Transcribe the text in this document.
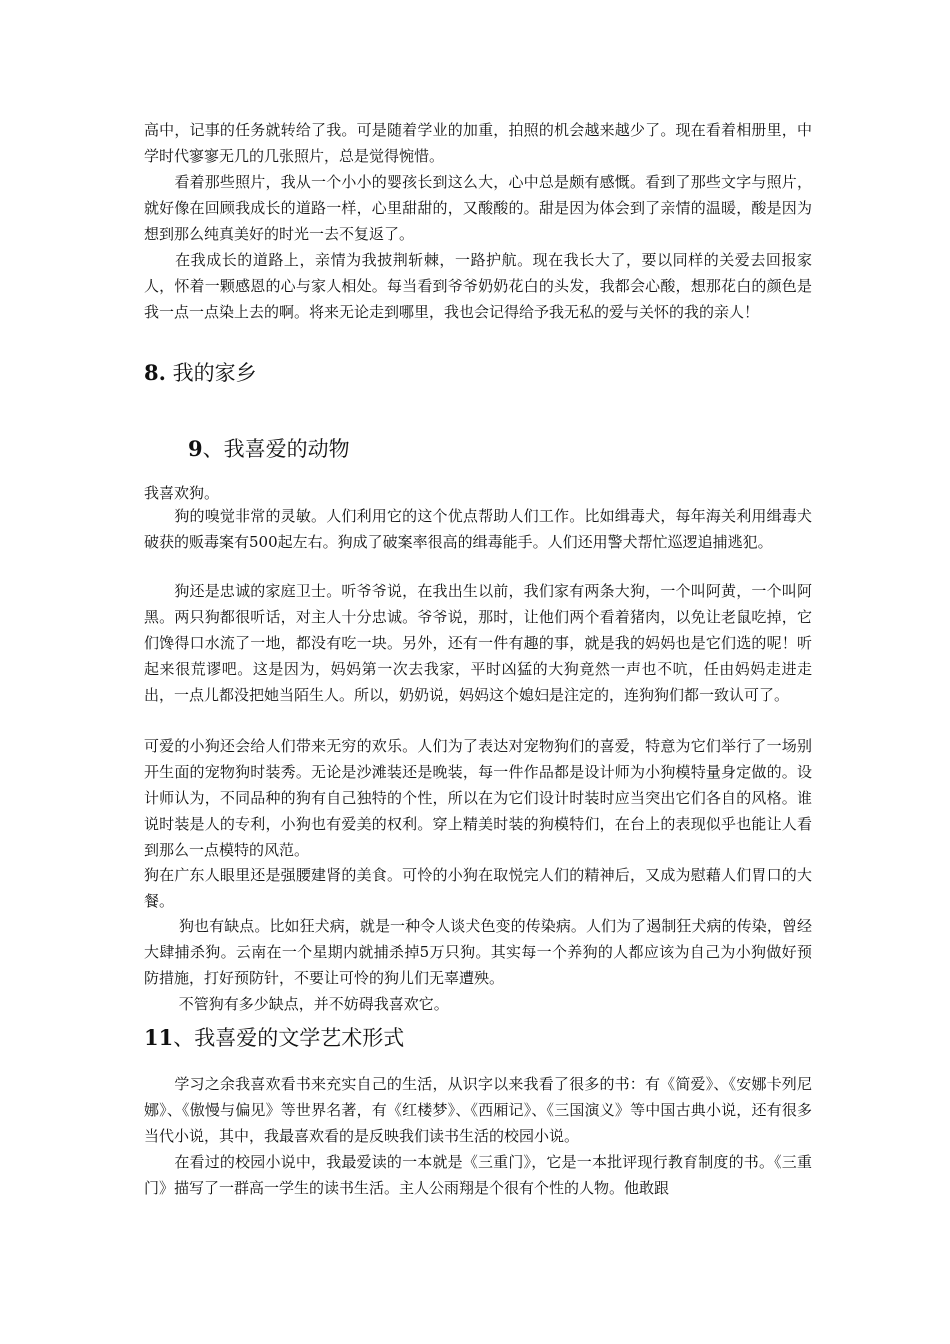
高中，记事的任务就转给了我。可是随着学业的加重，拍照的机会越来越少了。现在看着相册里，中学时代寥寥无几的几张照片，总是觉得惋惜。

　　看着那些照片，我从一个小小的婴孩长到这么大，心中总是颇有感慨。看到了那些文字与照片，就好像在回顾我成长的道路一样，心里甜甜的，又酸酸的。甜是因为体会到了亲情的温暖，酸是因为想到那么纯真美好的时光一去不复返了。

　　在我成长的道路上，亲情为我披荆斩棘，一路护航。现在我长大了，要以同样的关爱去回报家人，怀着一颗感恩的心与家人相处。每当看到爷爷奶奶花白的头发，我都会心酸，想那花白的颜色是我一点一点染上去的啊。将来无论走到哪里，我也会记得给予我无私的爱与关怀的我的亲人！

8. 我的家乡
9、我喜爱的动物

我喜欢狗。

　　狗的嗅觉非常的灵敏。人们利用它的这个优点帮助人们工作。比如缉毒犬，每年海关利用缉毒犬破获的贩毒案有500起左右。狗成了破案率很高的缉毒能手。人们还用警犬帮忙巡逻追捕逃犯。

　　狗还是忠诚的家庭卫士。听爷爷说，在我出生以前，我们家有两条大狗，一个叫阿黄，一个叫阿黑。两只狗都很听话，对主人十分忠诚。爷爷说，那时，让他们两个看着猪肉，以免让老鼠吃掉，它们馋得口水流了一地，都没有吃一块。另外，还有一件有趣的事，就是我的妈妈也是它们选的呢！听起来很荒谬吧。这是因为，妈妈第一次去我家，平时凶猛的大狗竟然一声也不吭，任由妈妈走进走出，一点儿都没把她当陌生人。所以，奶奶说，妈妈这个媳妇是注定的，连狗狗们都一致认可了。

可爱的小狗还会给人们带来无穷的欢乐。人们为了表达对宠物狗们的喜爱，特意为它们举行了一场别开生面的宠物狗时装秀。无论是沙滩装还是晚装，每一件作品都是设计师为小狗模特量身定做的。设计师认为，不同品种的狗有自己独特的个性，所以在为它们设计时装时应当突出它们各自的风格。谁说时装是人的专利，小狗也有爱美的权利。穿上精美时装的狗模特们，在台上的表现似乎也能让人看到那么一点模特的风范。

狗在广东人眼里还是强腰建肾的美食。可怜的小狗在取悦完人们的精神后，又成为慰藉人们胃口的大餐。

　　 狗也有缺点。比如狂犬病，就是一种令人谈犬色变的传染病。人们为了遏制狂犬病的传染，曾经大肆捕杀狗。云南在一个星期内就捕杀掉5万只狗。其实每一个养狗的人都应该为自己为小狗做好预防措施，打好预防针，不要让可怜的狗儿们无辜遭殃。

　　 不管狗有多少缺点，并不妨碍我喜欢它。

11、我喜爱的文学艺术形式

　　学习之余我喜欢看书来充实自己的生活，从识字以来我看了很多的书：有《简爱》、《安娜卡列尼娜》、《傲慢与偏见》等世界名著，有《红楼梦》、《西厢记》、《三国演义》等中国古典小说，还有很多当代小说，其中，我最喜欢看的是反映我们读书生活的校园小说。

　　在看过的校园小说中，我最爱读的一本就是《三重门》，它是一本批评现行教育制度的书。《三重门》描写了一群高一学生的读书生活。主人公雨翔是个很有个性的人物。他敢跟
